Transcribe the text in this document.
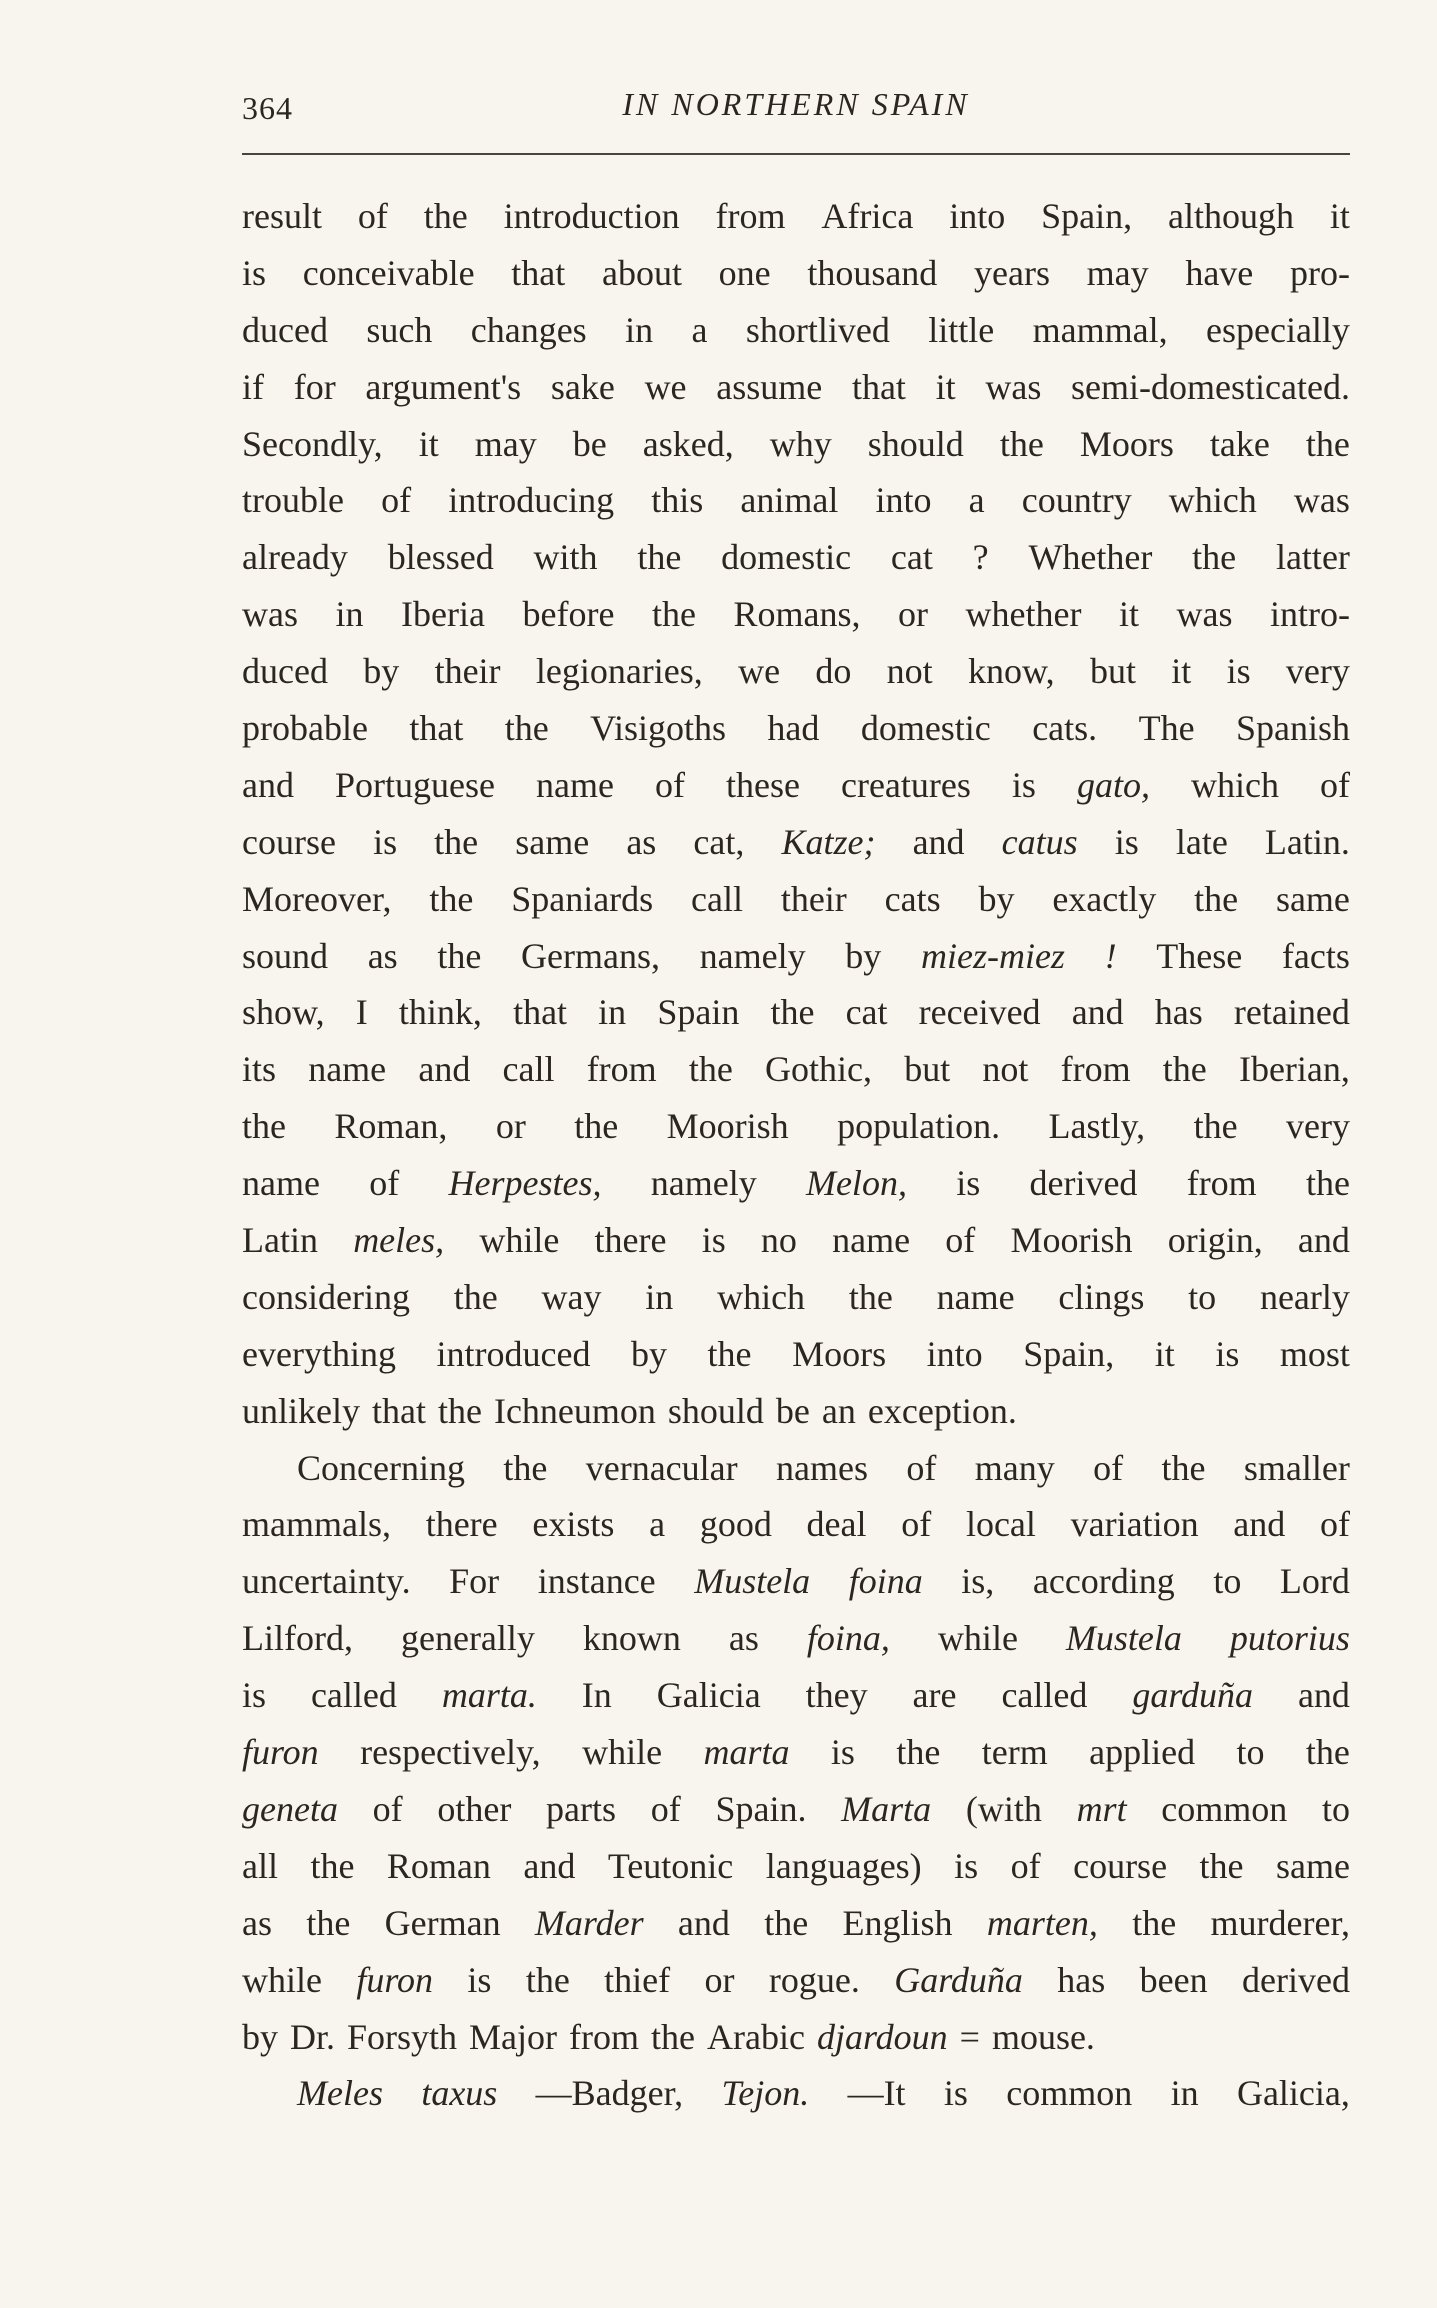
364	IN NORTHERN SPAIN
result of the introduction from Africa into Spain, although it
is conceivable that about one thousand years may have pro-
duced such changes in a shortlived little mammal, especially
if for argument's sake we assume that it was semi-domesticated.
Secondly, it may be asked, why should the Moors take the
trouble of introducing this animal into a country which was
already blessed with the domestic cat ? Whether the latter
was in Iberia before the Romans, or whether it was intro-
duced by their legionaries, we do not know, but it is very
probable that the Visigoths had domestic cats. The Spanish
and Portuguese name of these creatures is gato, which of
course is the same as cat, Katze; and catus is late Latin.
Moreover, the Spaniards call their cats by exactly the same
sound as the Germans, namely by miez-miez ! These facts
show, I think, that in Spain the cat received and has retained
its name and call from the Gothic, but not from the Iberian,
the Roman, or the Moorish population. Lastly, the very
name of Herpestes, namely Melon, is derived from the
Latin meles, while there is no name of Moorish origin, and
considering the way in which the name clings to nearly
everything introduced by the Moors into Spain, it is most
unlikely that the Ichneumon should be an exception.
Concerning the vernacular names of many of the smaller
mammals, there exists a good deal of local variation and of
uncertainty. For instance Mustela foina is, according to Lord
Lilford, generally known as foina, while Mustela putorius
is called marta. In Galicia they are called garduña and
furon respectively, while marta is the term applied to the
geneta of other parts of Spain. Marta (with mrt common to
all the Roman and Teutonic languages) is of course the same
as the German Marder and the English marten, the murderer,
while furon is the thief or rogue. Garduña has been derived
by Dr. Forsyth Major from the Arabic djardoun = mouse.
Meles taxus —Badger, Tejon. —It is common in Galicia,
